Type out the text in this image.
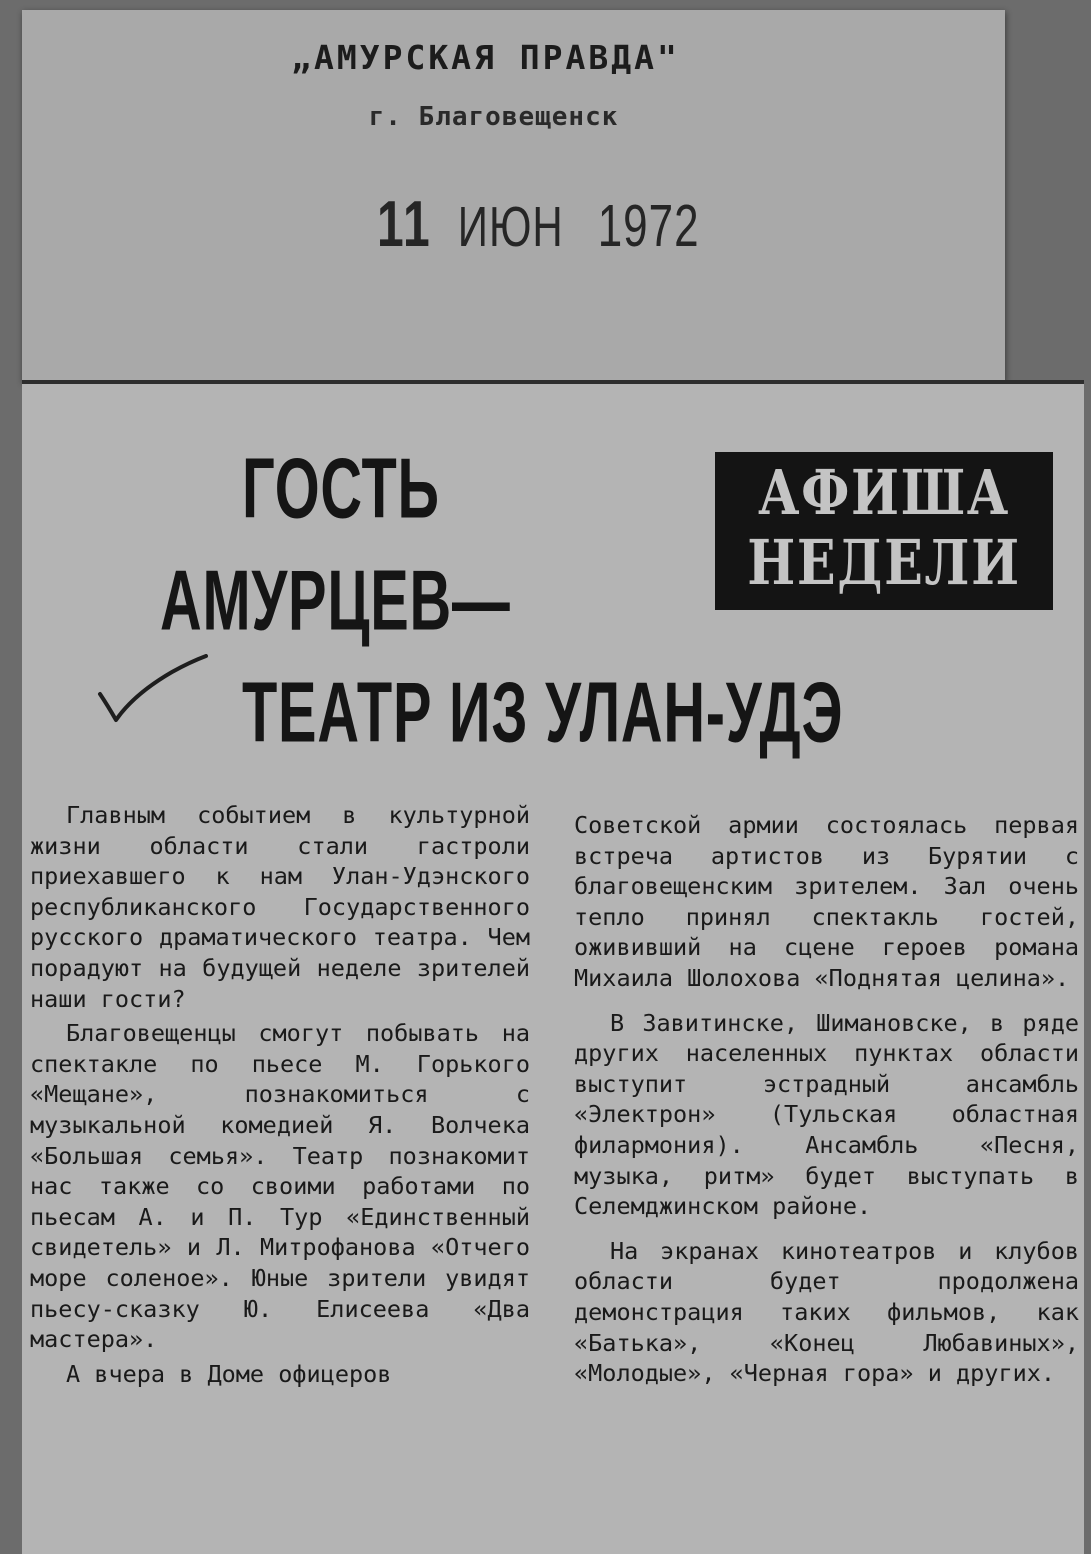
„АМУРСКАЯ ПРАВДА"
г. Благовещенск
11 ИЮН 1972
ГОСТЬ
АМУРЦЕВ—
ТЕАТР ИЗ УЛАН-УДЭ
АФИША
НЕДЕЛИ

Главным событием в культурной жизни области стали гастроли приехавшего к нам Улан-Удэнского республиканского Государственного русского драматического театра. Чем порадуют на будущей неделе зрителей наши гости?

Благовещенцы смогут побывать на спектакле по пьесе М. Горького «Мещане», познакомиться с музыкальной комедией Я. Волчека «Большая семья». Театр познакомит нас также со своими работами по пьесам А. и П. Тур «Единственный свидетель» и Л. Митрофанова «Отчего море соленое». Юные зрители увидят пьесу-сказку Ю. Елисеева «Два мастера».

А вчера в Доме офицеров

Советской армии состоялась первая встреча артистов из Бурятии с благовещенским зрителем. Зал очень тепло принял спектакль гостей, ожививший на сцене героев романа Михаила Шолохова «Поднятая целина».

В Завитинске, Шимановске, в ряде других населенных пунктах области выступит эстрадный ансамбль «Электрон» (Тульская областная филармония). Ансамбль «Песня, музыка, ритм» будет выступать в Селемджинском районе.

На экранах кинотеатров и клубов области будет продолжена демонстрация таких фильмов, как «Батька», «Конец Любавиных», «Молодые», «Черная гора» и других.
